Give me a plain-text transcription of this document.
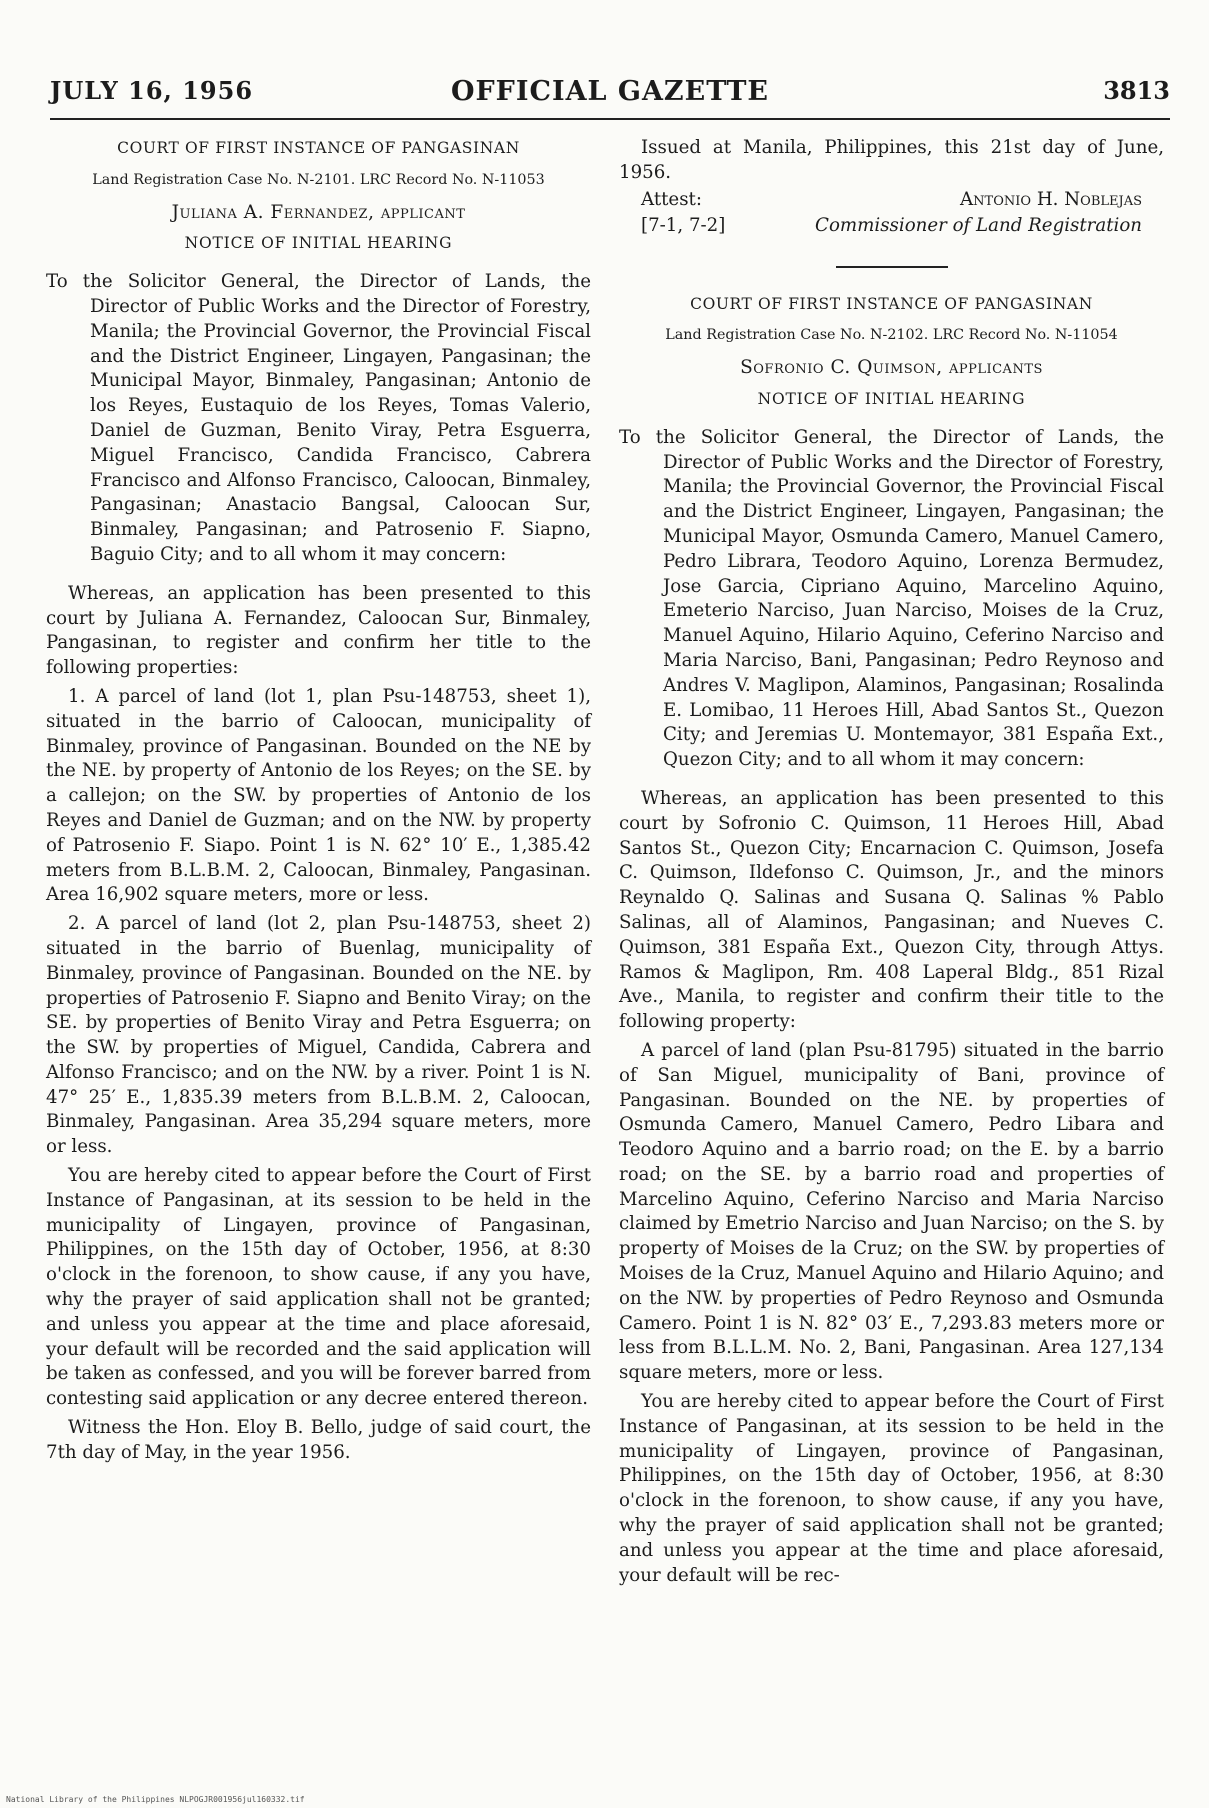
JULY 16, 1956	OFFICIAL GAZETTE	3813
COURT OF FIRST INSTANCE OF PANGASINAN
Land Registration Case No. N-2101. LRC Record No. N-11053
Juliana A. Fernandez, applicant
NOTICE OF INITIAL HEARING
To the Solicitor General, the Director of Lands, the Director of Public Works and the Director of Forestry, Manila; the Provincial Governor, the Provincial Fiscal and the District Engineer, Lingayen, Pangasinan; the Municipal Mayor, Binmaley, Pangasinan; Antonio de los Reyes, Eustaquio de los Reyes, Tomas Valerio, Daniel de Guzman, Benito Viray, Petra Esguerra, Miguel Francisco, Candida Francisco, Cabrera Francisco and Alfonso Francisco, Caloocan, Binmaley, Pangasinan; Anastacio Bangsal, Caloocan Sur, Binmaley, Pangasinan; and Patrosenio F. Siapno, Baguio City; and to all whom it may concern:

Whereas, an application has been presented to this court by Juliana A. Fernandez, Caloocan Sur, Binmaley, Pangasinan, to register and confirm her title to the following properties:

1. A parcel of land (lot 1, plan Psu-148753, sheet 1), situated in the barrio of Caloocan, municipality of Binmaley, province of Pangasinan. Bounded on the NE by the NE. by property of Antonio de los Reyes; on the SE. by a callejon; on the SW. by properties of Antonio de los Reyes and Daniel de Guzman; and on the NW. by property of Patrosenio F. Siapo. Point 1 is N. 62° 10′ E., 1,385.42 meters from B.L.B.M. 2, Caloocan, Binmaley, Pangasinan. Area 16,902 square meters, more or less.

2. A parcel of land (lot 2, plan Psu-148753, sheet 2) situated in the barrio of Buenlag, municipality of Binmaley, province of Pangasinan. Bounded on the NE. by properties of Patrosenio F. Siapno and Benito Viray; on the SE. by properties of Benito Viray and Petra Esguerra; on the SW. by properties of Miguel, Candida, Cabrera and Alfonso Francisco; and on the NW. by a river. Point 1 is N. 47° 25′ E., 1,835.39 meters from B.L.B.M. 2, Caloocan, Binmaley, Pangasinan. Area 35,294 square meters, more or less.

You are hereby cited to appear before the Court of First Instance of Pangasinan, at its session to be held in the municipality of Lingayen, province of Pangasinan, Philippines, on the 15th day of October, 1956, at 8:30 o'clock in the forenoon, to show cause, if any you have, why the prayer of said application shall not be granted; and unless you appear at the time and place aforesaid, your default will be recorded and the said application will be taken as confessed, and you will be forever barred from contesting said application or any decree entered thereon.

Witness the Hon. Eloy B. Bello, judge of said court, the 7th day of May, in the year 1956.

Issued at Manila, Philippines, this 21st day of June, 1956.

Attest:	Antonio H. Noblejas
[7-1, 7-2]	Commissioner of Land Registration
COURT OF FIRST INSTANCE OF PANGASINAN
Land Registration Case No. N-2102. LRC Record No. N-11054
Sofronio C. Quimson, applicants
NOTICE OF INITIAL HEARING
To the Solicitor General, the Director of Lands, the Director of Public Works and the Director of Forestry, Manila; the Provincial Governor, the Provincial Fiscal and the District Engineer, Lingayen, Pangasinan; the Municipal Mayor, Osmunda Camero, Manuel Camero, Pedro Librara, Teodoro Aquino, Lorenza Bermudez, Jose Garcia, Cipriano Aquino, Marcelino Aquino, Emeterio Narciso, Juan Narciso, Moises de la Cruz, Manuel Aquino, Hilario Aquino, Ceferino Narciso and Maria Narciso, Bani, Pangasinan; Pedro Reynoso and Andres V. Maglipon, Alaminos, Pangasinan; Rosalinda E. Lomibao, 11 Heroes Hill, Abad Santos St., Quezon City; and Jeremias U. Montemayor, 381 España Ext., Quezon City; and to all whom it may concern:

Whereas, an application has been presented to this court by Sofronio C. Quimson, 11 Heroes Hill, Abad Santos St., Quezon City; Encarnacion C. Quimson, Josefa C. Quimson, Ildefonso C. Quimson, Jr., and the minors Reynaldo Q. Salinas and Susana Q. Salinas % Pablo Salinas, all of Alaminos, Pangasinan; and Nueves C. Quimson, 381 España Ext., Quezon City, through Attys. Ramos & Maglipon, Rm. 408 Laperal Bldg., 851 Rizal Ave., Manila, to register and confirm their title to the following property:

A parcel of land (plan Psu-81795) situated in the barrio of San Miguel, municipality of Bani, province of Pangasinan. Bounded on the NE. by properties of Osmunda Camero, Manuel Camero, Pedro Libara and Teodoro Aquino and a barrio road; on the E. by a barrio road; on the SE. by a barrio road and properties of Marcelino Aquino, Ceferino Narciso and Maria Narciso claimed by Emetrio Narciso and Juan Narciso; on the S. by property of Moises de la Cruz; on the SW. by properties of Moises de la Cruz, Manuel Aquino and Hilario Aquino; and on the NW. by properties of Pedro Reynoso and Osmunda Camero. Point 1 is N. 82° 03′ E., 7,293.83 meters more or less from B.L.L.M. No. 2, Bani, Pangasinan. Area 127,134 square meters, more or less.

You are hereby cited to appear before the Court of First Instance of Pangasinan, at its session to be held in the municipality of Lingayen, province of Pangasinan, Philippines, on the 15th day of October, 1956, at 8:30 o'clock in the forenoon, to show cause, if any you have, why the prayer of said application shall not be granted; and unless you appear at the time and place aforesaid, your default will be rec-

National Library of the Philippines NLPOGJR001956jul160332.tif
